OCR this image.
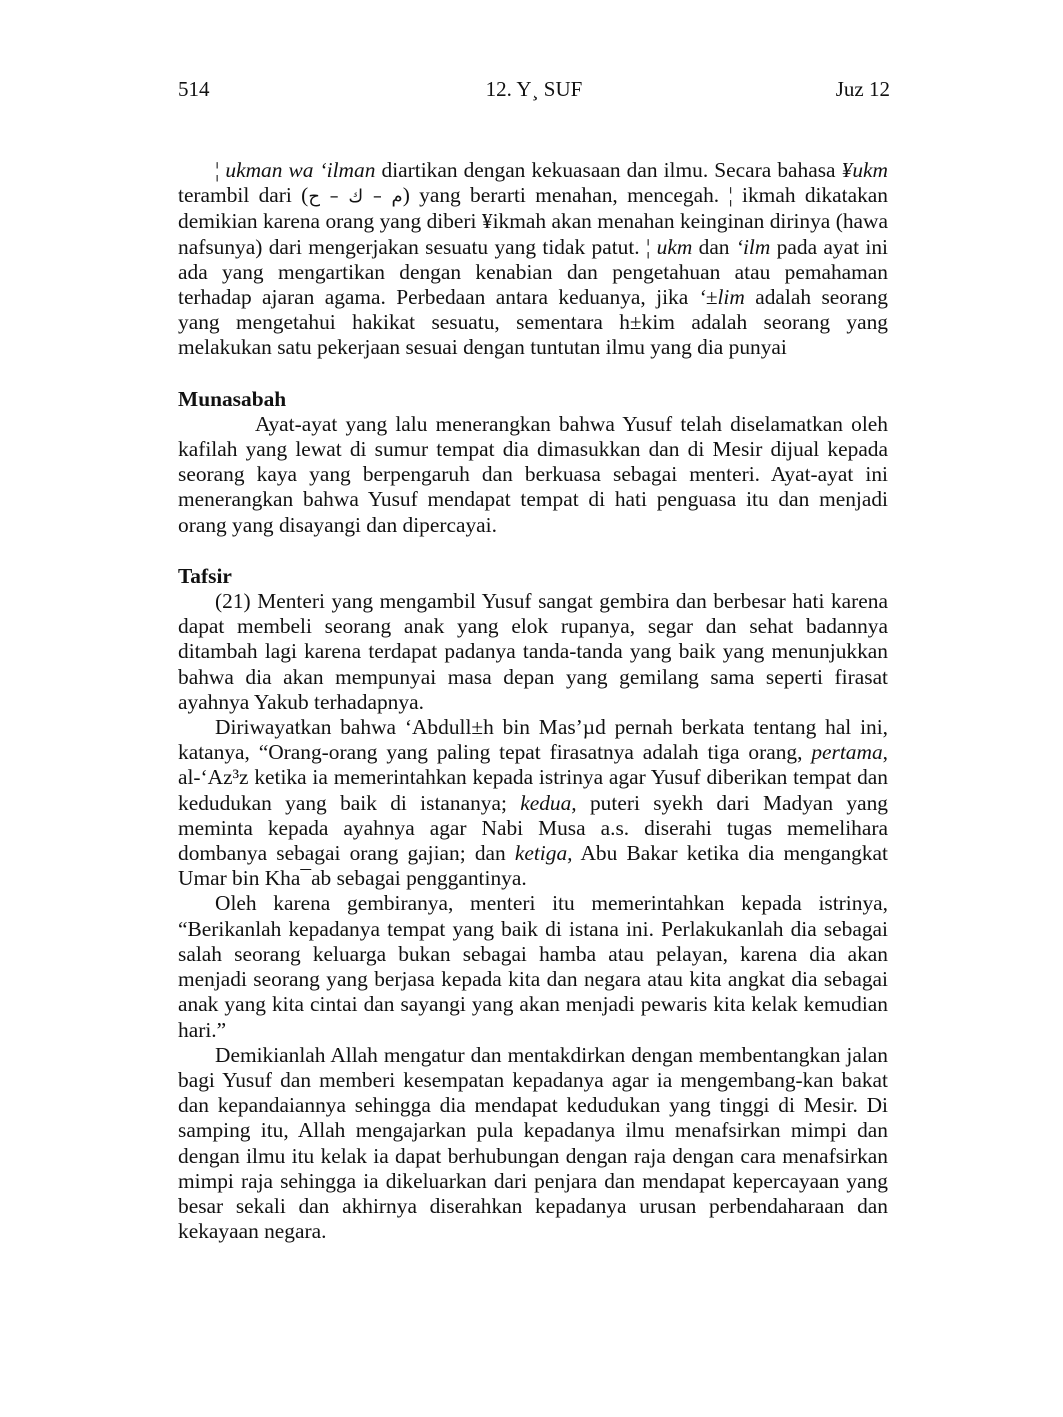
514	12. Y¸ SUF	Juz 12

¦ ukman wa ‘ilman diartikan dengan kekuasaan dan ilmu. Secara bahasa ¥ukm terambil dari (م – ك – ح) yang berarti menahan, mencegah. ¦ ikmah dikatakan demikian karena orang yang diberi ¥ikmah akan menahan keinginan dirinya (hawa nafsunya) dari mengerjakan sesuatu yang tidak patut. ¦ ukm dan ‘ilm pada ayat ini ada yang mengartikan dengan kenabian dan pengetahuan atau pemahaman terhadap ajaran agama. Perbedaan antara keduanya, jika ‘±lim adalah seorang yang mengetahui hakikat sesuatu, sementara h±kim adalah seorang yang melakukan satu pekerjaan sesuai dengan tuntutan ilmu yang dia punyai

Munasabah

Ayat-ayat yang lalu menerangkan bahwa Yusuf telah diselamatkan oleh kafilah yang lewat di sumur tempat dia dimasukkan dan di Mesir dijual kepada seorang kaya yang berpengaruh dan berkuasa sebagai menteri. Ayat-ayat ini menerangkan bahwa Yusuf mendapat tempat di hati penguasa itu dan menjadi orang yang disayangi dan dipercayai.

Tafsir

(21) Menteri yang mengambil Yusuf sangat gembira dan berbesar hati karena dapat membeli seorang anak yang elok rupanya, segar dan sehat badannya ditambah lagi karena terdapat padanya tanda-tanda yang baik yang menunjukkan bahwa dia akan mempunyai masa depan yang gemilang sama seperti firasat ayahnya Yakub terhadapnya.

Diriwayatkan bahwa ‘Abdull±h bin Mas’µd pernah berkata tentang hal ini, katanya, “Orang-orang yang paling tepat firasatnya adalah tiga orang, pertama, al-‘Az³z ketika ia memerintahkan kepada istrinya agar Yusuf diberikan tempat dan kedudukan yang baik di istananya; kedua, puteri syekh dari Madyan yang meminta kepada ayahnya agar Nabi Musa a.s. diserahi tugas memelihara dombanya sebagai orang gajian; dan ketiga, Abu Bakar ketika dia mengangkat Umar bin Kha¯ab sebagai penggantinya.

Oleh karena gembiranya, menteri itu memerintahkan kepada istrinya, “Berikanlah kepadanya tempat yang baik di istana ini. Perlakukanlah dia sebagai salah seorang keluarga bukan sebagai hamba atau pelayan, karena dia akan menjadi seorang yang berjasa kepada kita dan negara atau kita angkat dia sebagai anak yang kita cintai dan sayangi yang akan menjadi pewaris kita kelak kemudian hari.”

Demikianlah Allah mengatur dan mentakdirkan dengan membentangkan jalan bagi Yusuf dan memberi kesempatan kepadanya agar ia mengembang-kan bakat dan kepandaiannya sehingga dia mendapat kedudukan yang tinggi di Mesir. Di samping itu, Allah mengajarkan pula kepadanya ilmu menafsirkan mimpi dan dengan ilmu itu kelak ia dapat berhubungan dengan raja dengan cara menafsirkan mimpi raja sehingga ia dikeluarkan dari penjara dan mendapat kepercayaan yang besar sekali dan akhirnya diserahkan kepadanya urusan perbendaharaan dan kekayaan negara.
